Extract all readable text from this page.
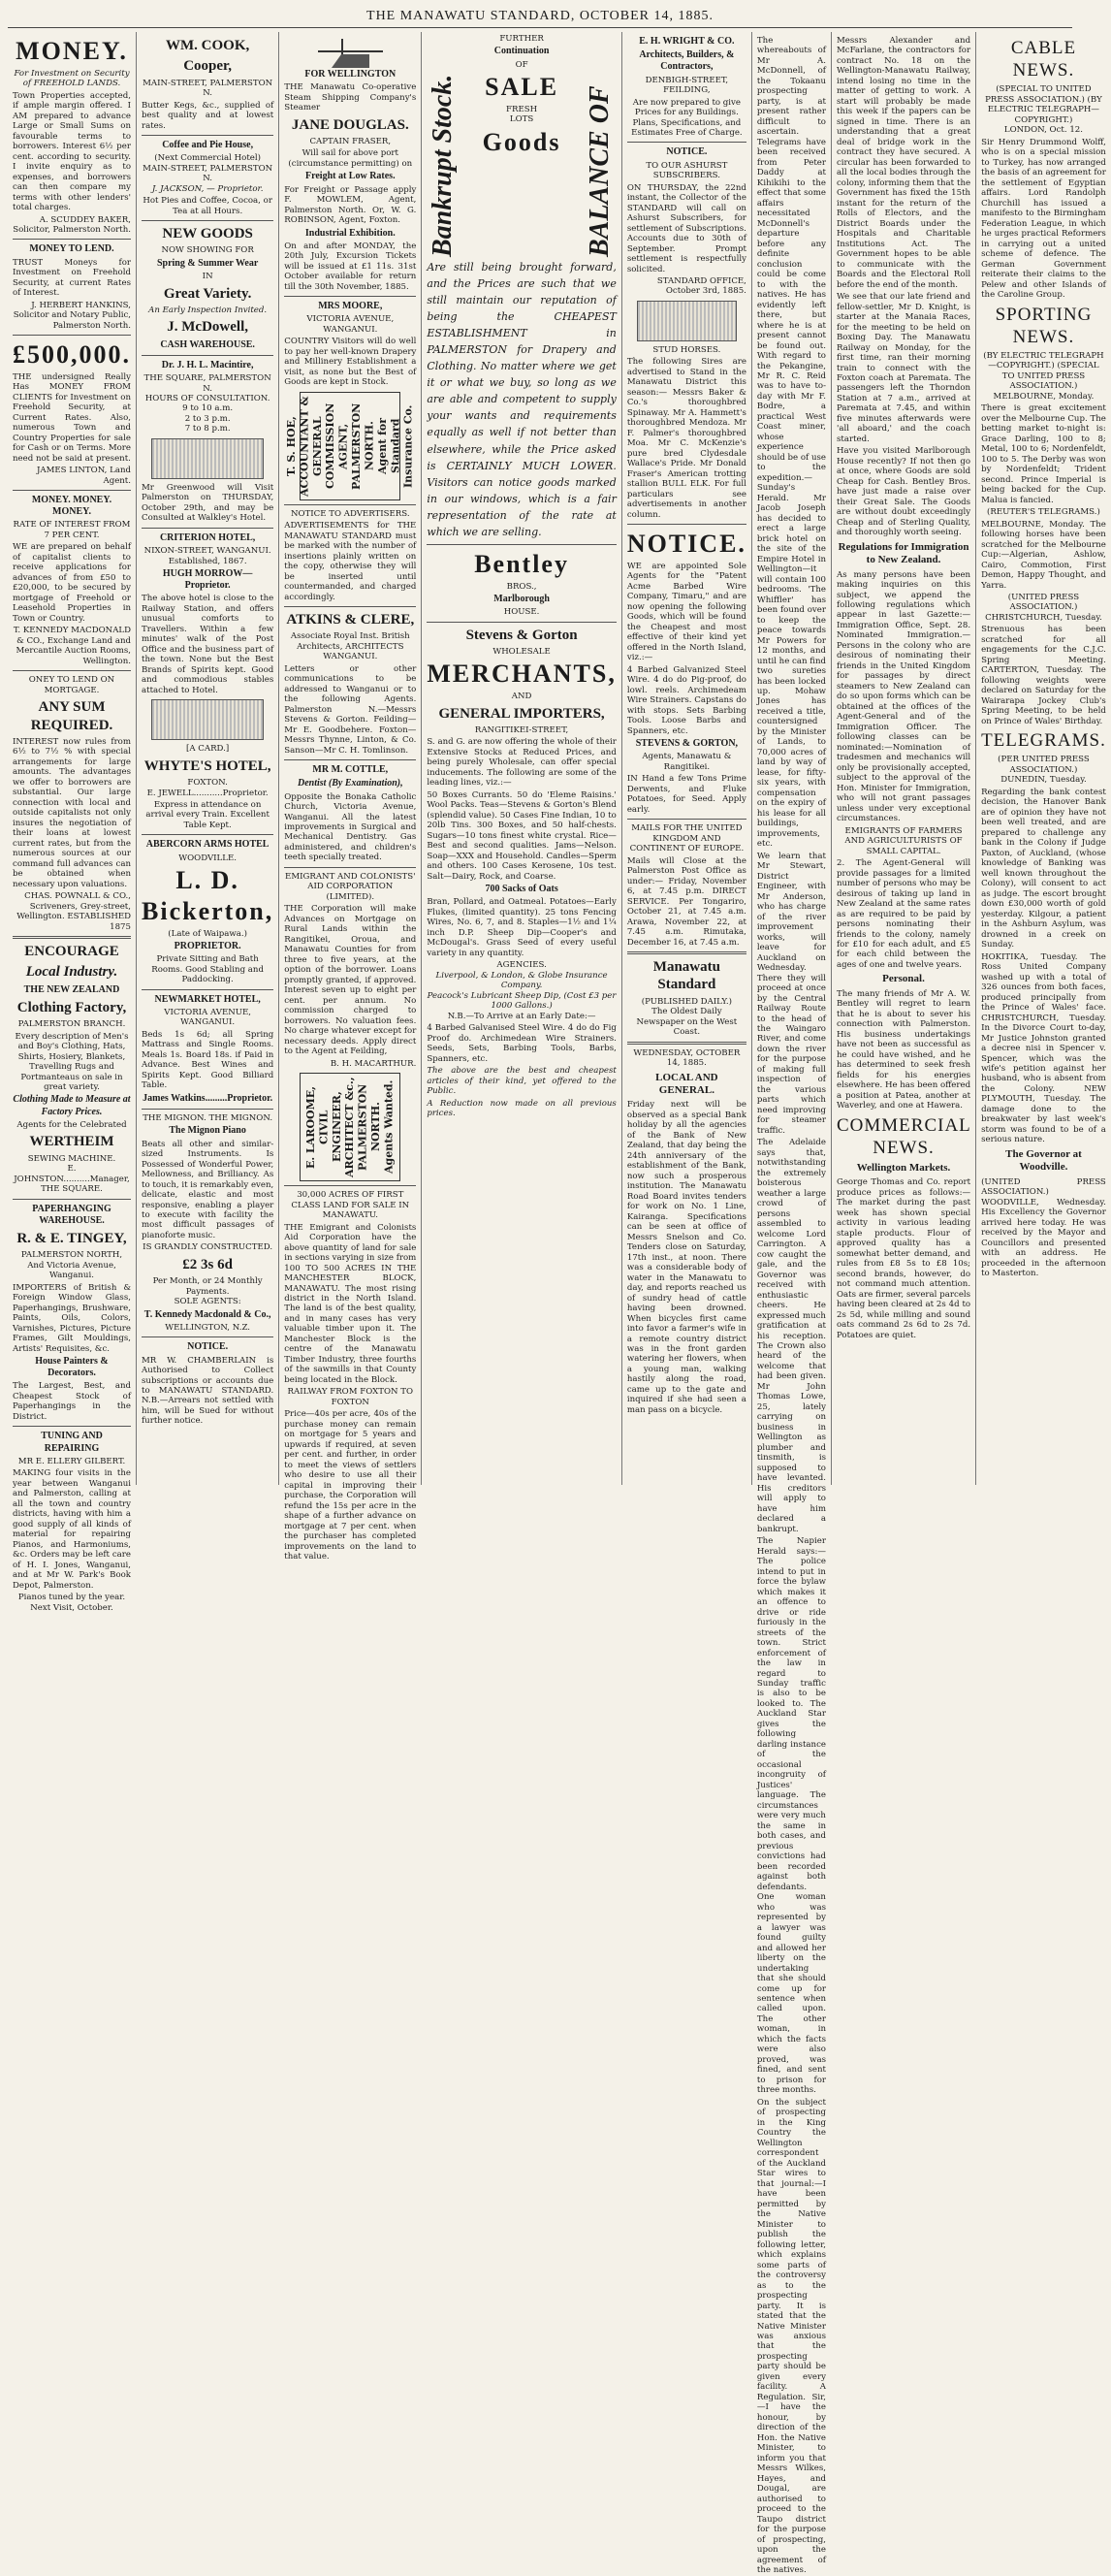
THE MANAWATU STANDARD, OCTOBER 14, 1885.
MONEY.
For Investment on Security of FREEHOLD LANDS.

Town Properties accepted, if ample margin offered. I AM prepared to advance Large or Small Sums on favourable terms to borrowers. Interest 6½ per cent. according to security. I invite enquiry as to expenses, and borrowers can then compare my terms with other lenders' total charges.

A. SCUDDEY BAKER, Solicitor, Palmerston North.

MONEY TO LEND.

TRUST Moneys for Investment on Freehold Security, at current Rates of Interest.

J. HERBERT HANKINS, Solicitor and Notary Public, Palmerston North.

£500,000.

THE undersigned Really Has MONEY FROM CLIENTS for Investment on Freehold Security, at Current Rates. Also, numerous Town and Country Properties for sale for Cash or on Terms. More need not be said at present.

JAMES LINTON, Land Agent.

MONEY. MONEY. MONEY.
RATE OF INTEREST FROM 7 PER CENT.

WE are prepared on behalf of capitalist clients to receive applications for advances of from £50 to £20,000, to be secured by mortgage of Freehold or Leasehold Properties in Town or Country.

T. KENNEDY MACDONALD & CO., Exchange Land and Mercantile Auction Rooms, Wellington.

ONEY TO LEND ON MORTGAGE.
ANY SUM REQUIRED.

INTEREST now rules from 6½ to 7½ % with special arrangements for large amounts. The advantages we offer to borrowers are substantial. Our large connection with local and outside capitalists not only insures the negotiation of their loans at lowest current rates, but from the numerous sources at our command full advances can be obtained when necessary upon valuations.

CHAS. POWNALL & CO., Scriveners, Grey-street, Wellington. ESTABLISHED 1875

ENCOURAGE
Local Industry.
THE NEW ZEALAND
Clothing Factory,
PALMERSTON BRANCH.

Every description of Men's and Boy's Clothing, Hats, Shirts, Hosiery, Blankets, Travelling Rugs and Portmanteaus on sale in great variety.

Clothing Made to Measure at Factory Prices.
Agents for the Celebrated
WERTHEIM
SEWING MACHINE.
E. JOHNSTON..........Manager, THE SQUARE.
PAPERHANGING WAREHOUSE.
R. & E. TINGEY,
PALMERSTON NORTH, And Victoria Avenue, Wanganui.

IMPORTERS of British & Foreign Window Glass, Paperhangings, Brushware, Paints, Oils, Colors, Varnishes, Pictures, Picture Frames, Gilt Mouldings, Artists' Requisites, &c.

House Painters & Decorators.

The Largest, Best, and Cheapest Stock of Paperhangings in the District.

TUNING AND REPAIRING
MR E. ELLERY GILBERT.

MAKING four visits in the year between Wanganui and Palmerston, calling at all the town and country districts, having with him a good supply of all kinds of material for repairing Pianos, and Harmoniums, &c. Orders may be left care of H. I. Jones, Wanganui, and at Mr W. Park's Book Depot, Palmerston.

Pianos tuned by the year.
Next Visit, October.
WM. COOK,
Cooper,
MAIN-STREET, PALMERSTON N.

Butter Kegs, &c., supplied of best quality and at lowest rates.

Coffee and Pie House,
(Next Commercial Hotel) MAIN-STREET, PALMERSTON N.
J. JACKSON, — Proprietor.

Hot Pies and Coffee, Cocoa, or Tea at all Hours.

NEW GOODS
NOW SHOWING FOR
Spring & Summer Wear
IN
Great Variety.
An Early Inspection Invited.
J. McDowell,
CASH WAREHOUSE.
Dr. J. H. L. Macintire,
THE SQUARE, PALMERSTON N.
HOURS OF CONSULTATION.
9 to 10 a.m.
2 to 3 p.m.
7 to 8 p.m.

Mr Greenwood will Visit Palmerston on THURSDAY, October 29th, and may be Consulted at Walkley's Hotel.

CRITERION HOTEL,
NIXON-STREET, WANGANUI. Established, 1867.
HUGH MORROW—Proprietor.

The above hotel is close to the Railway Station, and offers unusual comforts to Travellers. Within a few minutes' walk of the Post Office and the business part of the town. None but the Best Brands of Spirits kept. Good and commodious stables attached to Hotel.

[A CARD.]
WHYTE'S HOTEL,
FOXTON.
E. JEWELL...........Proprietor.

Express in attendance on arrival every Train. Excellent Table Kept.

ABERCORN ARMS HOTEL
WOODVILLE.
L. D. Bickerton,
(Late of Waipawa.)
PROPRIETOR.

Private Sitting and Bath Rooms. Good Stabling and Paddocking.

NEWMARKET HOTEL,
VICTORIA AVENUE, WANGANUI.

Beds 1s 6d; all Spring Mattrass and Single Rooms. Meals 1s. Board 18s. if Paid in Advance. Best Wines and Spirits Kept. Good Billiard Table.

James Watkins.........Proprietor.
THE MIGNON. THE MIGNON.
The Mignon Piano

Beats all other and similar-sized Instruments. Is Possessed of Wonderful Power, Mellowness, and Brilliancy. As to touch, it is remarkably even, delicate, elastic and most responsive, enabling a player to execute with facility the most difficult passages of pianoforte music.

IS GRANDLY CONSTRUCTED.
£2 3s 6d
Per Month, or 24 Monthly Payments.
SOLE AGENTS:
T. Kennedy Macdonald & Co.,
WELLINGTON, N.Z.
NOTICE.

MR W. CHAMBERLAIN is Authorised to Collect subscriptions or accounts due to MANAWATU STANDARD. N.B.—Arrears not settled with him, will be Sued for without further notice.

FOR WELLINGTON

THE Manawatu Co-operative Steam Shipping Company's Steamer

JANE DOUGLAS.
CAPTAIN FRASER,

Will sail for above port (circumstance permitting) on

Freight at Low Rates.

For Freight or Passage apply F. MOWLEM, Agent, Palmerston North. Or, W. G. ROBINSON, Agent, Foxton.

Industrial Exhibition.

On and after MONDAY, the 20th July, Excursion Tickets will be issued at £1 11s. 31st October available for return till the 30th November, 1885.

MRS MOORE,
VICTORIA AVENUE, WANGANUI.

COUNTRY Visitors will do well to pay her well-known Drapery and Millinery Establishment a visit, as none but the Best of Goods are kept in Stock.

T. S. HOE,
ACCOUNTANT & GENERAL
COMMISSION AGENT,
PALMERSTON NORTH.
Agent for Standard Insurance Co.
NOTICE TO ADVERTISERS.

ADVERTISEMENTS for THE MANAWATU STANDARD must be marked with the number of insertions plainly written on the copy, otherwise they will be inserted until countermanded, and charged accordingly.

ATKINS & CLERE,
Associate Royal Inst. British Architects, ARCHITECTS WANGANUI.

Letters or other communications to be addressed to Wanganui or to the following Agents. Palmerston N.—Messrs Stevens & Gorton. Feilding—Mr E. Goodbehere. Foxton—Messrs Thynne, Linton, & Co. Sanson—Mr C. H. Tomlinson.

MR M. COTTLE,
Dentist (By Examination),

Opposite the Bonaka Catholic Church, Victoria Avenue, Wanganui. All the latest improvements in Surgical and Mechanical Dentistry. Gas administered, and children's teeth specially treated.

EMIGRANT AND COLONISTS' AID CORPORATION (LIMITED).

THE Corporation will make Advances on Mortgage on Rural Lands within the Rangitikei, Oroua, and Manawatu Counties for from three to five years, at the option of the borrower. Loans promptly granted, if approved. Interest seven up to eight per cent. per annum. No commission charged to borrowers. No valuation fees. No charge whatever except for necessary deeds. Apply direct to the Agent at Feilding,

B. H. MACARTHUR.

E. LAROOME,
CIVIL ENGINEER,
ARCHITECT &c.,
PALMERSTON NORTH.
Agents Wanted.
30,000 ACRES OF FIRST CLASS LAND FOR SALE IN MANAWATU.

THE Emigrant and Colonists Aid Corporation have the above quantity of land for sale in sections varying in size from 100 TO 500 ACRES IN THE MANCHESTER BLOCK, MANAWATU. The most rising district in the North Island. The land is of the best quality, and in many cases has very valuable timber upon it. The Manchester Block is the centre of the Manawatu Timber Industry, three fourths of the sawmills in that County being located in the Block.

RAILWAY FROM FOXTON TO FOXTON

Price—40s per acre, 40s of the purchase money can remain on mortgage for 5 years and upwards if required, at seven per cent. and further, in order to meet the views of settlers who desire to use all their capital in improving their purchase, the Corporation will refund the 15s per acre in the shape of a further advance on mortgage at 7 per cent. when the purchaser has completed improvements on the land to that value.

Bankrupt Stock.
FURTHER
Continuation
OF
SALE
FRESH
LOTS
Goods BALANCE OF

Are still being brought forward, and the Prices are such that we still maintain our reputation of being the CHEAPEST ESTABLISHMENT in PALMERSTON for Drapery and Clothing. No matter where we get it or what we buy, so long as we are able and competent to supply your wants and requirements equally as well if not better than elsewhere, while the Price asked is CERTAINLY MUCH LOWER. Visitors can notice goods marked in our windows, which is a fair representation of the rate at which we are selling.

Bentley
BROS.,
Marlborough
HOUSE.
Stevens & Gorton
WHOLESALE
MERCHANTS,
AND
GENERAL IMPORTERS,
RANGITIKEI-STREET,

S. and G. are now offering the whole of their Extensive Stocks at Reduced Prices, and being purely Wholesale, can offer special inducements. The following are some of the leading lines, viz.:—

50 Boxes Currants. 50 do 'Eleme Raisins.' Wool Packs. Teas—Stevens & Gorton's Blend (splendid value). 50 Cases Fine Indian, 10 to 20lb Tins. 300 Boxes, and 50 half-chests. Sugars—10 tons finest white crystal. Rice—Best and second qualities. Jams—Nelson. Soap—XXX and Household. Candles—Sperm and others. 100 Cases Kerosene, 10s test. Salt—Dairy, Rock, and Coarse.

700 Sacks of Oats

Bran, Pollard, and Oatmeal. Potatoes—Early Flukes, (limited quantity). 25 tons Fencing Wires, No. 6, 7, and 8. Staples—1½ and 1¼ inch D.P. Sheep Dip—Cooper's and McDougal's. Grass Seed of every useful variety in any quantity.

AGENCIES.
Liverpool, & London, & Globe Insurance Company.
Peacock's Lubricant Sheep Dip, (Cost £3 per 1000 Gallons.)
N.B.—To Arrive at an Early Date:—

4 Barbed Galvanised Steel Wire. 4 do do Fig Proof do. Archimedean Wire Strainers. Seeds, Sets, Barbing Tools, Barbs, Spanners, etc.

The above are the best and cheapest articles of their kind, yet offered to the Public.

A Reduction now made on all previous prices.

E. H. WRIGHT & CO.
Architects, Builders, & Contractors,
DENBIGH-STREET, FEILDING,

Are now prepared to give Prices for any Buildings. Plans, Specifications, and Estimates Free of Charge.

NOTICE.
TO OUR ASHURST SUBSCRIBERS.

ON THURSDAY, the 22nd instant, the Collector of the STANDARD will call on Ashurst Subscribers, for settlement of Subscriptions. Accounts due to 30th of September. Prompt settlement is respectfully solicited.

STANDARD OFFICE, October 3rd, 1885.

STUD HORSES.

The following Sires are advertised to Stand in the Manawatu District this season:— Messrs Baker & Co.'s thoroughbred Spinaway. Mr A. Hammett's thoroughbred Mendoza. Mr F. Palmer's thoroughbred Moa. Mr C. McKenzie's pure bred Clydesdale Wallace's Pride. Mr Donald Fraser's American trotting stallion BULL ELK. For full particulars see advertisements in another column.

NOTICE.

WE are appointed Sole Agents for the "Patent Acme Barbed Wire Company, Timaru," and are now opening the following Goods, which will be found the Cheapest and most effective of their kind yet offered in the North Island, viz.:—

4 Barbed Galvanized Steel Wire. 4 do do Pig-proof, do lowl. reels. Archimedeam Wire Strainers. Capstans do with stops. Sets Barbing Tools. Loose Barbs and Spanners, etc.

STEVENS & GORTON,
Agents, Manawatu & Rangitikei.

IN Hand a few Tons Prime Derwents, and Fluke Potatoes, for Seed. Apply early.

MAILS FOR THE UNITED KINGDOM AND CONTINENT OF EUROPE.

Mails will Close at the Palmerston Post Office as under:— Friday, November 6, at 7.45 p.m. DIRECT SERVICE. Per Tongariro, October 21, at 7.45 a.m. Arawa, November 22, at 7.45 a.m. Rimutaka, December 16, at 7.45 a.m.

Manawatu Standard
(PUBLISHED DAILY.)
The Oldest Daily Newspaper on the West Coast.
WEDNESDAY, OCTOBER 14, 1885.
LOCAL AND GENERAL.

Friday next will be observed as a special Bank holiday by all the agencies of the Bank of New Zealand, that day being the 24th anniversary of the establishment of the Bank, now such a prosperous institution. The Manawatu Road Board invites tenders for work on No. 1 Line, Kairanga. Specifications can be seen at office of Messrs Snelson and Co. Tenders close on Saturday, 17th inst., at noon. There was a considerable body of water in the Manawatu to day, and reports reached us of sundry head of cattle having been drowned. When bicycles first came into favor a farmer's wife in a remote country district was in the front garden watering her flowers, when a young man, walking hastily along the road, came up to the gate and inquired if she had seen a man pass on a bicycle.

The whereabouts of Mr A. McDonnell, of the Tokaanu prospecting party, is at present rather difficult to ascertain. Telegrams have been received from Peter Daddy at Kihikihi to the effect that some affairs necessitated McDonnell's departure before any definite conclusion could be come to with the natives. He has evidently left there, but where he is at present cannot be found out. With regard to the Pekangine, Mr R. C. Reid was to have to-day with Mr F. Bodre, a practical West Coast miner, whose experience should be of use to the expedition.—Sunday's Herald. Mr Jacob Joseph has decided to erect a large brick hotel on the site of the Empire Hotel in Wellington—it will contain 100 bedrooms. 'The Whiffler' has been found over to keep the peace towards Mr Powers for 12 months, and until he can find two sureties has been locked up. Mohaw Jones has received a title, countersigned by the Minister of Lands, to 70,000 acres of land by way of lease, for fifty-six years, with compensation on the expiry of his lease for all buildings, improvements, etc.

We learn that Mr Stewart, District Engineer, with Mr Anderson, who has charge of the river improvement works, will leave for Auckland on Wednesday. There they will proceed at once by the Central Railway Route to the head of the Waingaro River, and come down the river for the purpose of making full inspection of the various parts which need improving for steamer traffic.

The Adelaide says that, notwithstanding the extremely boisterous weather a large crowd of persons assembled to welcome Lord Carrington. A cow caught the gale, and the Governor was received with enthusiastic cheers. He expressed much gratification at his reception. The Crown also heard of the welcome that had been given. Mr John Thomas Lowe, 25, lately carrying on business in Wellington as plumber and tinsmith, is supposed to have levanted. His creditors will apply to have him declared a bankrupt.

The Napier Herald says:—The police intend to put in force the bylaw which makes it an offence to drive or ride furiously in the streets of the town. Strict enforcement of the law in regard to Sunday traffic is also to be looked to. The Auckland Star gives the following darling instance of the occasional incongruity of Justices' language. The circumstances were very much the same in both cases, and previous convictions had been recorded against both defendants. One woman who was represented by a lawyer was found guilty and allowed her liberty on the undertaking that she should come up for sentence when called upon. The other woman, in which the facts were also proved, was fined, and sent to prison for three months.

On the subject of prospecting in the King Country the Wellington correspondent of the Auckland Star wires to that journal:—I have been permitted by the Native Minister to publish the following letter, which explains some parts of the controversy as to the prospecting party. It is stated that the Native Minister was anxious that the prospecting party should be given every facility. A Regulation. Sir,—I have the honour, by direction of the Hon. the Native Minister, to inform you that Messrs Wilkes, Hayes, and Dougal, are authorised to proceed to the Taupo district for the purpose of prospecting, upon the agreement of the natives.

Messrs Alexander and McFarlane, the contractors for contract No. 18 on the Wellington-Manawatu Railway, intend losing no time in the matter of getting to work. A start will probably be made this week if the papers can be signed in time. There is an understanding that a great deal of bridge work in the contract they have secured. A circular has been forwarded to all the local bodies through the colony, informing them that the Government has fixed the 15th instant for the return of the Rolls of Electors, and the District Boards under the Hospitals and Charitable Institutions Act. The Government hopes to be able to communicate with the Boards and the Electoral Roll before the end of the month.

We see that our late friend and fellow-settler, Mr D. Knight, is starter at the Manaia Races, for the meeting to be held on Boxing Day. The Manawatu Railway on Monday, for the first time, ran their morning train to connect with the Foxton coach at Paremata. The passengers left the Thorndon Station at 7 a.m., arrived at Paremata at 7.45, and within five minutes afterwards were 'all aboard,' and the coach started.

Have you visited Marlborough House recently? If not then go at once, where Goods are sold Cheap for Cash. Bentley Bros. have just made a raise over their Great Sale. The Goods are without doubt exceedingly Cheap and of Sterling Quality, and thoroughly worth seeing.

Regulations for Immigration to New Zealand.

As many persons have been making inquiries on this subject, we append the following regulations which appear in last Gazette:—Immigration Office, Sept. 28. Nominated Immigration.—Persons in the colony who are desirous of nominating their friends in the United Kingdom for passages by direct steamers to New Zealand can do so upon forms which can be obtained at the offices of the Agent-General and of the Immigration Officer. The following classes can be nominated:—Nomination of tradesmen and mechanics will only be provisionally accepted, subject to the approval of the Hon. Minister for Immigration, who will not grant passages unless under very exceptional circumstances.

EMIGRANTS OF FARMERS AND AGRICULTURISTS OF SMALL CAPITAL.

2. The Agent-General will provide passages for a limited number of persons who may be desirous of taking up land in New Zealand at the same rates as are required to be paid by persons nominating their friends to the colony, namely for £10 for each adult, and £5 for each child between the ages of one and twelve years.

Personal.

The many friends of Mr A. W. Bentley will regret to learn that he is about to sever his connection with Palmerston. His business undertakings have not been as successful as he could have wished, and he has determined to seek fresh fields for his energies elsewhere. He has been offered a position at Patea, another at Waverley, and one at Hawera.

COMMERCIAL NEWS.
Wellington Markets.

George Thomas and Co. report produce prices as follows:—The market during the past week has shown special activity in various leading staple products. Flour of approved quality has a somewhat better demand, and rules from £8 5s to £8 10s; second brands, however, do not command much attention. Oats are firmer, several parcels having been cleared at 2s 4d to 2s 5d, while milling and sound oats command 2s 6d to 2s 7d. Potatoes are quiet.

CABLE NEWS.
(SPECIAL TO UNITED PRESS ASSOCIATION.) (BY ELECTRIC TELEGRAPH—COPYRIGHT.)
LONDON, Oct. 12.

Sir Henry Drummond Wolff, who is on a special mission to Turkey, has now arranged the basis of an agreement for the settlement of Egyptian affairs. Lord Randolph Churchill has issued a manifesto to the Birmingham Federation League, in which he urges practical Reformers in carrying out a united scheme of defence. The German Government reiterate their claims to the Pelew and other Islands of the Caroline Group.

SPORTING NEWS.
(BY ELECTRIC TELEGRAPH—COPYRIGHT.) (SPECIAL TO UNITED PRESS ASSOCIATION.)
MELBOURNE, Monday.

There is great excitement over the Melbourne Cup. The betting market to-night is: Grace Darling, 100 to 8; Metal, 100 to 6; Nordenfeldt, 100 to 5. The Derby was won by Nordenfeldt; Trident second. Prince Imperial is being backed for the Cup. Malua is fancied.

(REUTER'S TELEGRAMS.)

MELBOURNE, Monday. The following horses have been scratched for the Melbourne Cup:—Algerian, Ashlow, Cairo, Commotion, First Demon, Happy Thought, and Yarra.

(UNITED PRESS ASSOCIATION.) CHRISTCHURCH, Tuesday.

Strenuous has been scratched for all engagements for the C.J.C. Spring Meeting. CARTERTON, Tuesday. The following weights were declared on Saturday for the Wairarapa Jockey Club's Spring Meeting, to be held on Prince of Wales' Birthday.

TELEGRAMS.
(PER UNITED PRESS ASSOCIATION.)
DUNEDIN, Tuesday.

Regarding the bank contest decision, the Hanover Bank are of opinion they have not been well treated, and are prepared to challenge any bank in the Colony if Judge Paxton, of Auckland, (whose knowledge of Banking was well known throughout the Colony), will consent to act as judge. The escort brought down £30,000 worth of gold yesterday. Kilgour, a patient in the Ashburn Asylum, was drowned in a creek on Sunday.

HOKITIKA, Tuesday. The Ross United Company washed up with a total of 326 ounces from both faces, produced principally from the Prince of Wales' face. CHRISTCHURCH, Tuesday. In the Divorce Court to-day, Mr Justice Johnston granted a decree nisi in Spencer v. Spencer, which was the wife's petition against her husband, who is absent from the Colony. NEW PLYMOUTH, Tuesday. The damage done to the breakwater by last week's storm was found to be of a serious nature.

The Governor at Woodville.

(UNITED PRESS ASSOCIATION.) WOODVILLE, Wednesday. His Excellency the Governor arrived here today. He was received by the Mayor and Councillors and presented with an address. He proceeded in the afternoon to Masterton.
